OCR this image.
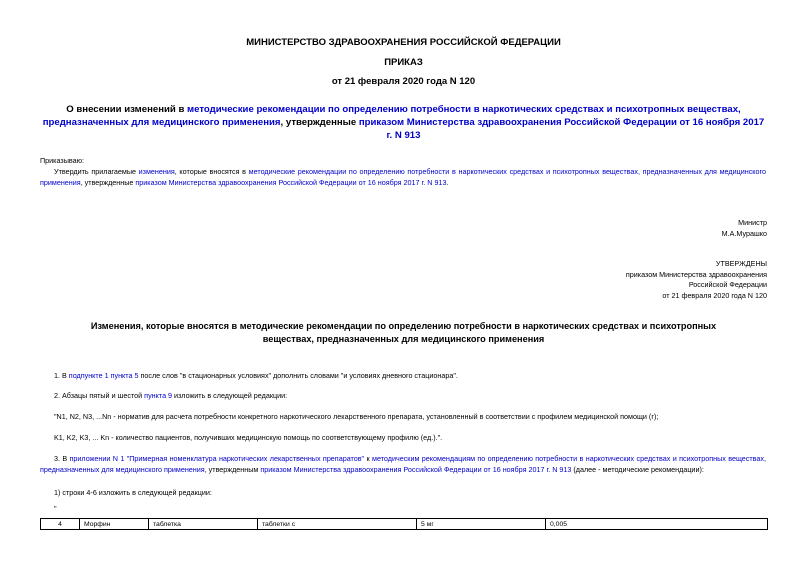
МИНИСТЕРСТВО ЗДРАВООХРАНЕНИЯ РОССИЙСКОЙ ФЕДЕРАЦИИ
ПРИКАЗ
от 21 февраля 2020 года N 120
О внесении изменений в методические рекомендации по определению потребности в наркотических средствах и психотропных веществах, предназначенных для медицинского применения, утвержденные приказом Министерства здравоохранения Российской Федерации от 16 ноября 2017 г. N 913
Приказываю:
Утвердить прилагаемые изменения, которые вносятся в методические рекомендации по определению потребности в наркотических средствах и психотропных веществах, предназначенных для медицинского применения, утвержденные приказом Министерства здравоохранения Российской Федерации от 16 ноября 2017 г. N 913.
Министр
М.А.Мурашко
УТВЕРЖДЕНЫ
приказом Министерства здравоохранения
Российской Федерации
от 21 февраля 2020 года N 120
Изменения, которые вносятся в методические рекомендации по определению потребности в наркотических средствах и психотропных веществах, предназначенных для медицинского применения
1. В подпункте 1 пункта 5 после слов "в стационарных условиях" дополнить словами "и условиях дневного стационара".
2. Абзацы пятый и шестой пункта 9 изложить в следующей редакции:
"N1, N2, N3, ...Nn - норматив для расчета потребности конкретного наркотического лекарственного препарата, установленный в соответствии с профилем медицинской помощи (г);
K1, K2, K3, ... Kn - количество пациентов, получивших медицинскую помощь по соответствующему профилю (ед.).".
3. В приложении N 1 "Примерная номенклатура наркотических лекарственных препаратов" к методическим рекомендациям по определению потребности в наркотических средствах и психотропных веществах, предназначенных для медицинского применения, утвержденным приказом Министерства здравоохранения Российской Федерации от 16 ноября 2017 г. N 913 (далее - методические рекомендации):
1) строки 4-6 изложить в следующей редакции:
"
4	Морфин	таблетка	таблетки с	5 мг	0,005
